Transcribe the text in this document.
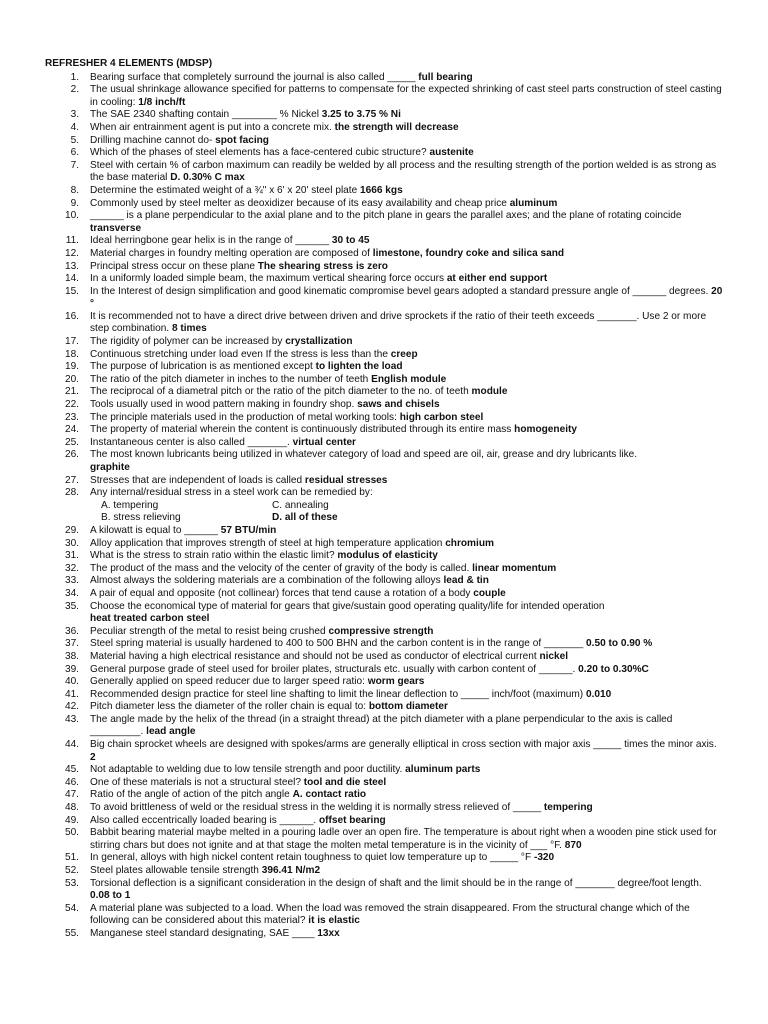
REFRESHER 4 ELEMENTS (MDSP)
1. Bearing surface that completely surround the journal is also called _____ full bearing
2. The usual shrinkage allowance specified for patterns to compensate for the expected shrinking of cast steel parts construction of steel casting in cooling: 1/8 inch/ft
3. The SAE 2340 shafting contain ________ % Nickel 3.25 to 3.75 % Ni
4. When air entrainment agent is put into a concrete mix. the strength will decrease
5. Drilling machine cannot do- spot facing
6. Which of the phases of steel elements has a face-centered cubic structure? austenite
7. Steel with certain % of carbon maximum can readily be welded by all process and the resulting strength of the portion welded is as strong as the base material D. 0.30% C max
8. Determine the estimated weight of a ¾" x 6' x 20' steel plate 1666 kgs
9. Commonly used by steel melter as deoxidizer because of its easy availability and cheap price aluminum
10. ______ is a plane perpendicular to the axial plane and to the pitch plane in gears the parallel axes; and the plane of rotating coincide
transverse
11. Ideal herringbone gear helix is in the range of ______ 30 to 45
12. Material charges in foundry melting operation are composed of limestone, foundry coke and silica sand
13. Principal stress occur on these plane The shearing stress is zero
14. In a uniformly loaded simple beam, the maximum vertical shearing force occurs at either end support
15. In the Interest of design simplification and good kinematic compromise bevel gears adopted a standard pressure angle of ______ degrees. 20 °
16. It is recommended not to have a direct drive between driven and drive sprockets if the ratio of their teeth exceeds _______. Use 2 or more step combination. 8 times
17. The rigidity of polymer can be increased by crystallization
18. Continuous stretching under load even If the stress is less than the creep
19. The purpose of lubrication is as mentioned except to lighten the load
20. The ratio of the pitch diameter in inches to the number of teeth English module
21. The reciprocal of a diametral pitch or the ratio of the pitch diameter to the no. of teeth module
22. Tools usually used in wood pattern making in foundry shop. saws and chisels
23. The principle materials used in the production of metal working tools: high carbon steel
24. The property of material wherein the content is continuously distributed through its entire mass homogeneity
25. Instantaneous center is also called _______. virtual center
26. The most known lubricants being utilized in whatever category of load and speed are oil, air, grease and dry lubricants like.
graphite
27. Stresses that are independent of loads is called residual stresses
28. Any internal/residual stress in a steel work can be remedied by:
A. tempering	C. annealing
B. stress relieving	D. all of these
29. A kilowatt is equal to ______ 57 BTU/min
30. Alloy application that improves strength of steel at high temperature application chromium
31. What is the stress to strain ratio within the elastic limit? modulus of elasticity
32. The product of the mass and the velocity of the center of gravity of the body is called. linear momentum
33. Almost always the soldering materials are a combination of the following alloys lead & tin
34. A pair of equal and opposite (not collinear) forces that tend cause a rotation of a body couple
35. Choose the economical type of material for gears that give/sustain good operating quality/life for intended operation
heat treated carbon steel
36. Peculiar strength of the metal to resist being crushed compressive strength
37. Steel spring material is usually hardened to 400 to 500 BHN and the carbon content is in the range of _______ 0.50 to 0.90 %
38. Material having a high electrical resistance and should not be used as conductor of electrical current nickel
39. General purpose grade of steel used for broiler plates, structurals etc. usually with carbon content of ______. 0.20 to 0.30%C
40. Generally applied on speed reducer due to larger speed ratio: worm gears
41. Recommended design practice for steel line shafting to limit the linear deflection to _____ inch/foot (maximum) 0.010
42. Pitch diameter less the diameter of the roller chain is equal to: bottom diameter
43. The angle made by the helix of the thread (in a straight thread) at the pitch diameter with a plane perpendicular to the axis is called _________. lead angle
44. Big chain sprocket wheels are designed with spokes/arms are generally elliptical in cross section with major axis _____ times the minor axis. 2
45. Not adaptable to welding due to low tensile strength and poor ductility. aluminum parts
46. One of these materials is not a structural steel? tool and die steel
47. Ratio of the angle of action of the pitch angle A. contact ratio
48. To avoid brittleness of weld or the residual stress in the welding it is normally stress relieved of _____ tempering
49. Also called eccentrically loaded bearing is ______. offset bearing
50. Babbit bearing material maybe melted in a pouring ladle over an open fire. The temperature is about right when a wooden pine stick used for stirring chars but does not ignite and at that stage the molten metal temperature is in the vicinity of ___ °F. 870
51. In general, alloys with high nickel content retain toughness to quiet low temperature up to _____ °F -320
52. Steel plates allowable tensile strength 396.41 N/m2
53. Torsional deflection is a significant consideration in the design of shaft and the limit should be in the range of _______ degree/foot length. 0.08 to 1
54. A material plane was subjected to a load. When the load was removed the strain disappeared. From the structural change which of the following can be considered about this material? it is elastic
55. Manganese steel standard designating, SAE ____ 13xx
